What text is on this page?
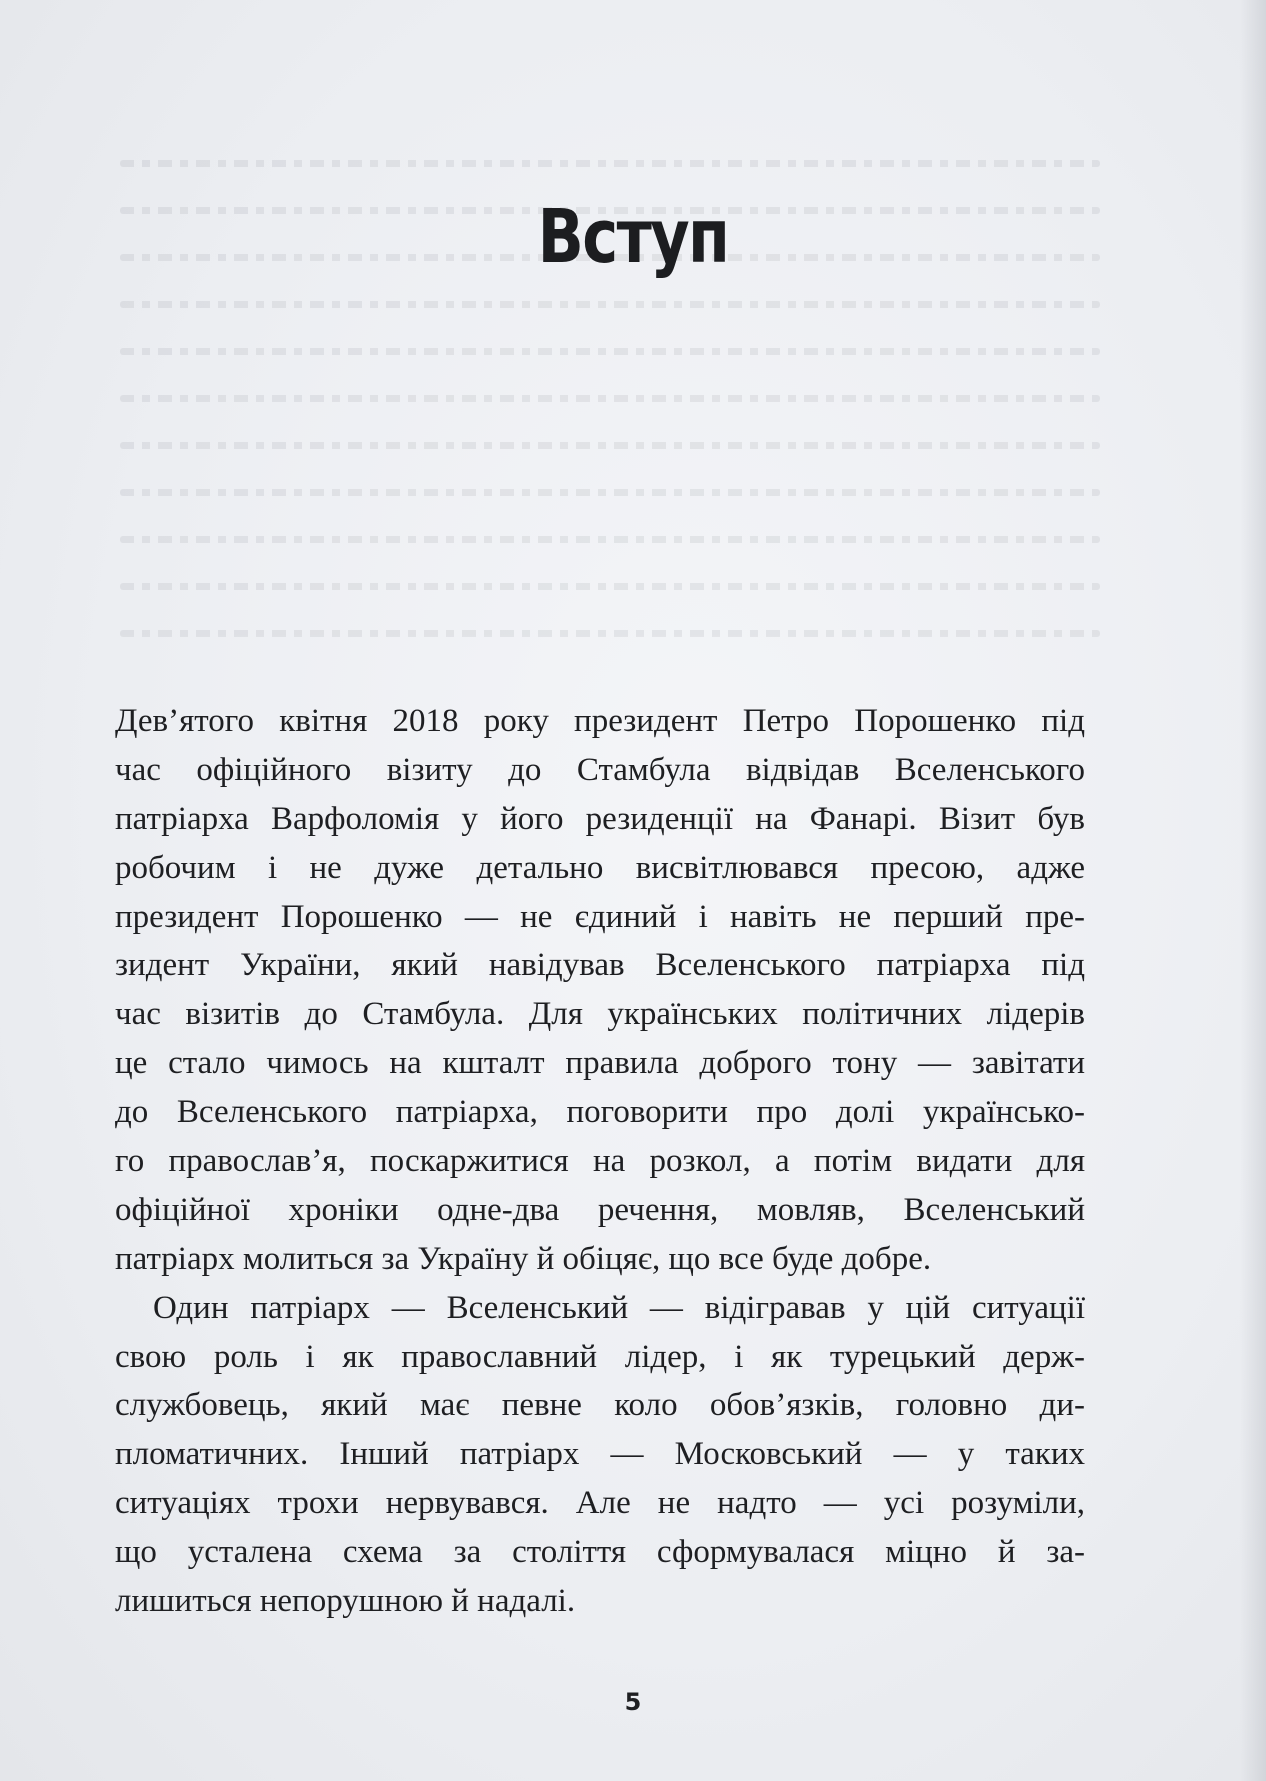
Вступ
Дев’ятого квітня 2018 року президент Петро Порошенко під
час офіційного візиту до Стамбула відвідав Вселенського
патріарха Варфоломія у його резиденції на Фанарі. Візит був
робочим і не дуже детально висвітлювався пресою, адже
президент Порошенко — не єдиний і навіть не перший пре-
зидент України, який навідував Вселенського патріарха під
час візитів до Стамбула. Для українських політичних лідерів
це стало чимось на кшталт правила доброго тону — завітати
до Вселенського патріарха, поговорити про долі українсько-
го православ’я, поскаржитися на розкол, а потім видати для
офіційної хроніки одне-два речення, мовляв, Вселенський
патріарх молиться за Україну й обіцяє, що все буде добре.
Один патріарх — Вселенський — відігравав у цій ситуації
свою роль і як православний лідер, і як турецький держ-
службовець, який має певне коло обов’язків, головно ди-
пломатичних. Інший патріарх — Московський — у таких
ситуаціях трохи нервувався. Але не надто — усі розуміли,
що усталена схема за століття сформувалася міцно й за-
лишиться непорушною й надалі.
5
